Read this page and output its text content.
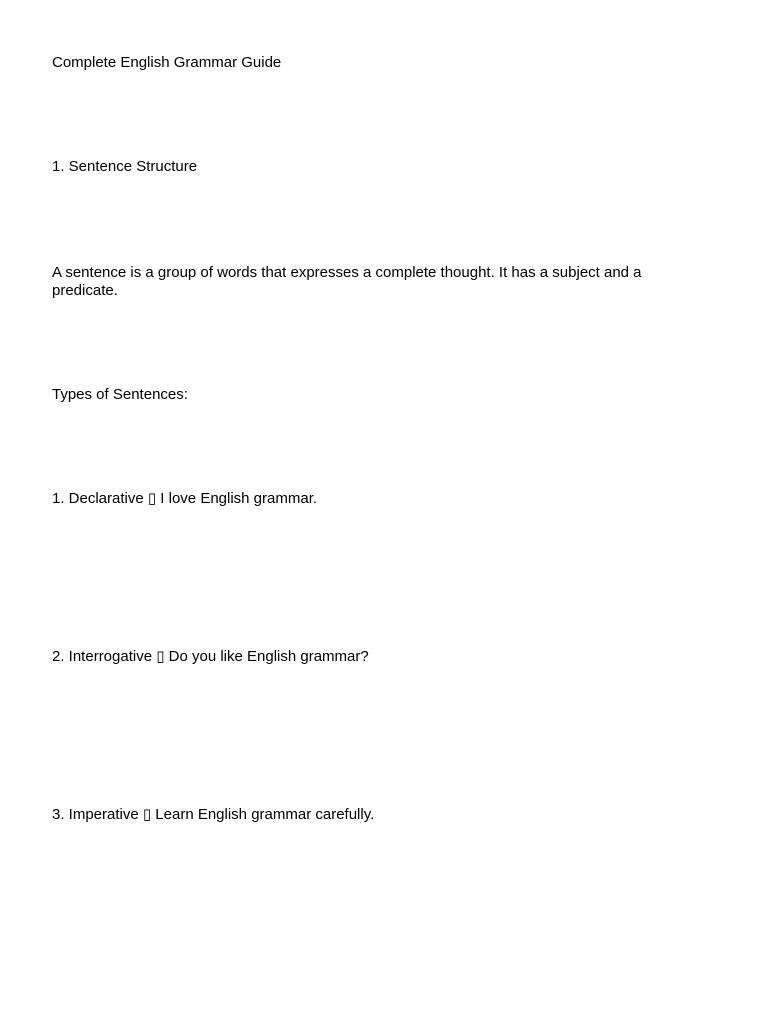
Complete English Grammar Guide
1. Sentence Structure
A sentence is a group of words that expresses a complete thought. It has a subject and a predicate.
Types of Sentences:
1. Declarative ▯ I love English grammar.
2. Interrogative ▯ Do you like English grammar?
3. Imperative ▯ Learn English grammar carefully.
